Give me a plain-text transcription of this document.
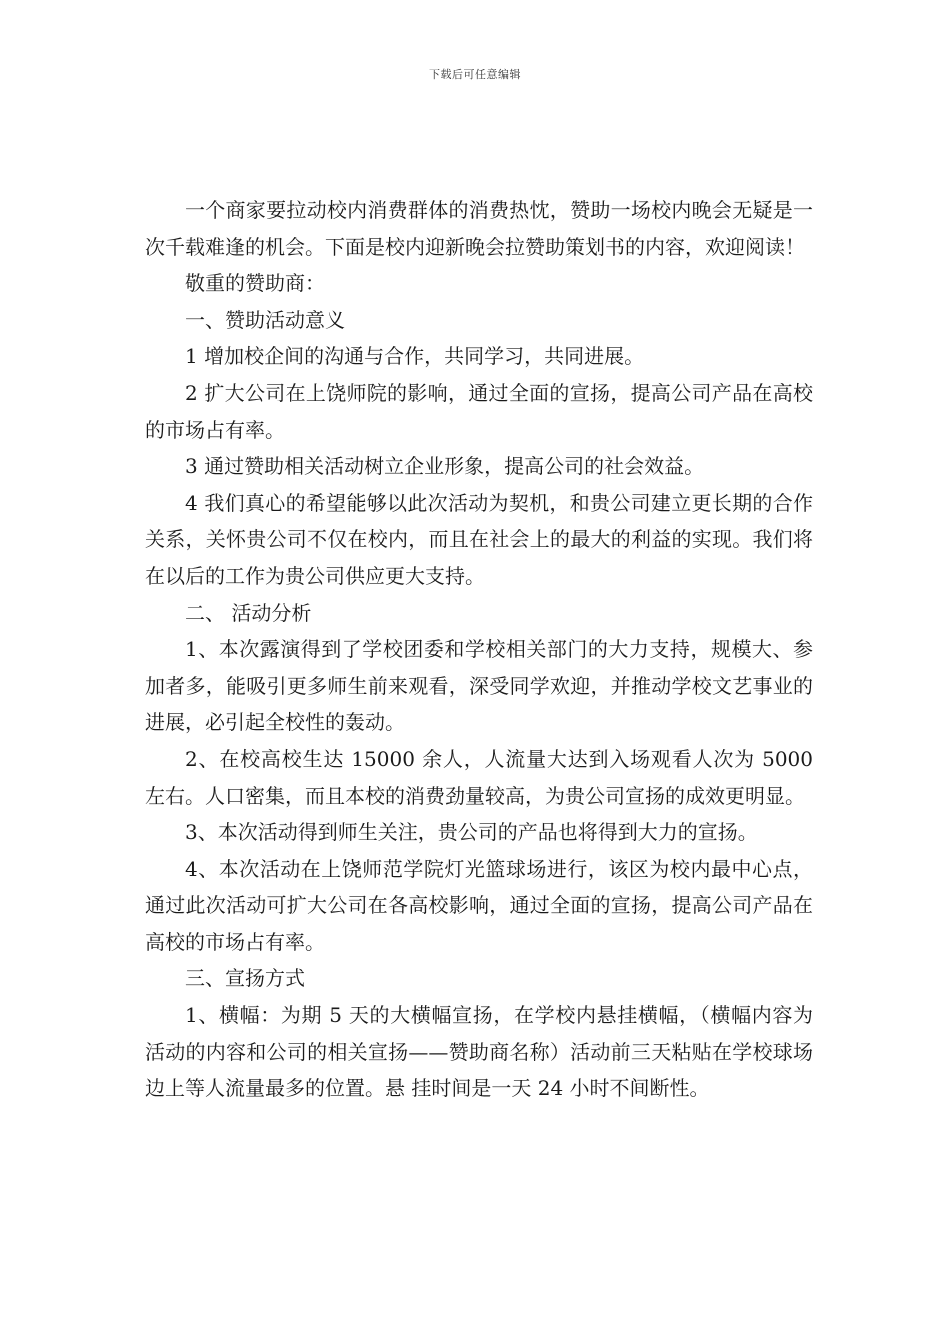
下载后可任意编辑

一个商家要拉动校内消费群体的消费热忱，赞助一场校内晚会无疑是一次千载难逢的机会。下面是校内迎新晚会拉赞助策划书的内容，欢迎阅读！

敬重的赞助商：

一、赞助活动意义

1 增加校企间的沟通与合作，共同学习，共同进展。

2 扩大公司在上饶师院的影响，通过全面的宣扬，提高公司产品在高校的市场占有率。

3 通过赞助相关活动树立企业形象，提高公司的社会效益。

4 我们真心的希望能够以此次活动为契机，和贵公司建立更长期的合作关系，关怀贵公司不仅在校内，而且在社会上的最大的利益的实现。我们将在以后的工作为贵公司供应更大支持。

二、 活动分析

1、本次露演得到了学校团委和学校相关部门的大力支持，规模大、参加者多，能吸引更多师生前来观看，深受同学欢迎，并推动学校文艺事业的进展，必引起全校性的轰动。

2、在校高校生达 15000 余人，人流量大达到入场观看人次为 5000 左右。人口密集，而且本校的消费劲量较高，为贵公司宣扬的成效更明显。

3、本次活动得到师生关注，贵公司的产品也将得到大力的宣扬。

4、本次活动在上饶师范学院灯光篮球场进行，该区为校内最中心点，通过此次活动可扩大公司在各高校影响，通过全面的宣扬，提高公司产品在高校的市场占有率。

三、宣扬方式

1、横幅：为期 5 天的大横幅宣扬，在学校内悬挂横幅，（横幅内容为活动的内容和公司的相关宣扬——赞助商名称）活动前三天粘贴在学校球场边上等人流量最多的位置。悬 挂时间是一天 24 小时不间断性。
